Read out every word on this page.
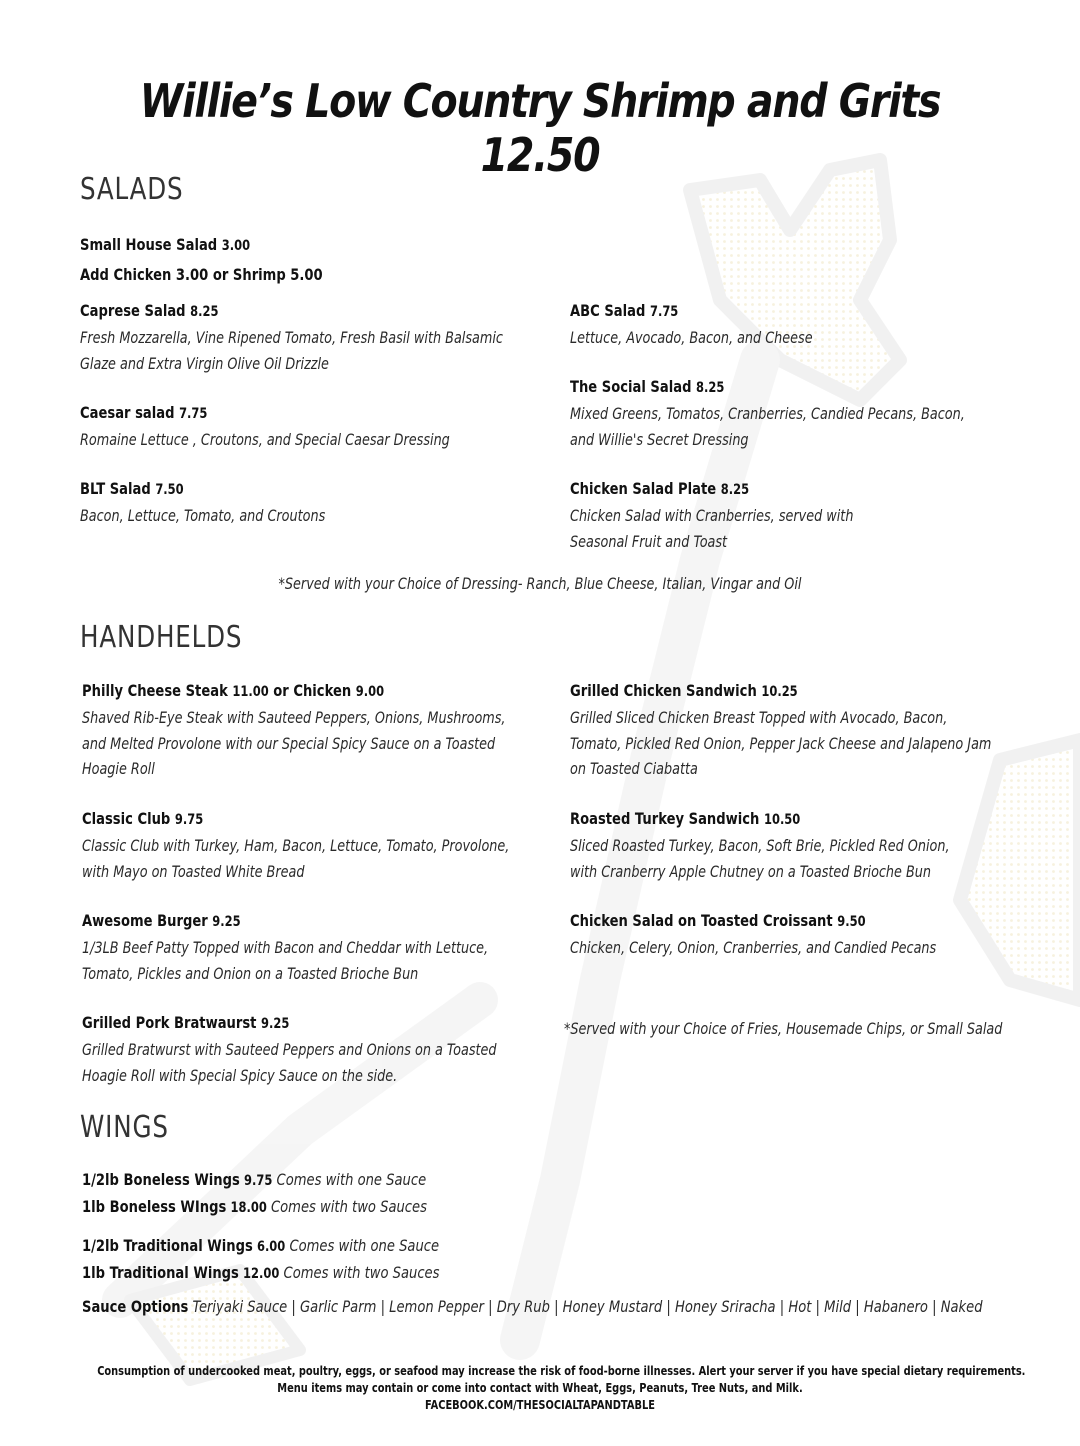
Willie’s Low Country Shrimp and Grits 12.50
SALADS
Small House Salad 3.00
Add Chicken 3.00 or Shrimp 5.00
Caprese Salad 8.25
Fresh Mozzarella, Vine Ripened Tomato, Fresh Basil with Balsamic
Glaze and Extra Virgin Olive Oil Drizzle
Caesar salad 7.75
Romaine Lettuce , Croutons, and Special Caesar Dressing
BLT Salad 7.50
Bacon, Lettuce, Tomato, and Croutons
ABC Salad 7.75
Lettuce, Avocado, Bacon, and Cheese
The Social Salad 8.25
Mixed Greens, Tomatos, Cranberries, Candied Pecans, Bacon,
and Willie's Secret Dressing
Chicken Salad Plate 8.25
Chicken Salad with Cranberries, served with
Seasonal Fruit and Toast
*Served with your Choice of Dressing- Ranch, Blue Cheese, Italian, Vingar and Oil
HANDHELDS
Philly Cheese Steak 11.00 or Chicken 9.00
Shaved Rib-Eye Steak with Sauteed Peppers, Onions, Mushrooms,
and Melted Provolone with our Special Spicy Sauce on a Toasted
Hoagie Roll
Classic Club 9.75
Classic Club with Turkey, Ham, Bacon, Lettuce, Tomato, Provolone,
with Mayo on Toasted White Bread
Awesome Burger 9.25
1/3LB Beef Patty Topped with Bacon and Cheddar with Lettuce,
Tomato, Pickles and Onion on a Toasted Brioche Bun
Grilled Pork Bratwaurst 9.25
Grilled Bratwurst with Sauteed Peppers and Onions on a Toasted
Hoagie Roll with Special Spicy Sauce on the side.
Grilled Chicken Sandwich 10.25
Grilled Sliced Chicken Breast Topped with Avocado, Bacon,
Tomato, Pickled Red Onion, Pepper Jack Cheese and Jalapeno Jam
on Toasted Ciabatta
Roasted Turkey Sandwich 10.50
Sliced Roasted Turkey, Bacon, Soft Brie, Pickled Red Onion,
with Cranberry Apple Chutney on a Toasted Brioche Bun
Chicken Salad on Toasted Croissant 9.50
Chicken, Celery, Onion, Cranberries, and Candied Pecans
*Served with your Choice of Fries, Housemade Chips, or Small Salad
WINGS
1/2lb Boneless Wings 9.75 Comes with one Sauce
1lb Boneless WIngs 18.00 Comes with two Sauces
1/2lb Traditional Wings 6.00 Comes with one Sauce
1lb Traditional Wings 12.00 Comes with two Sauces
Sauce Options Teriyaki Sauce | Garlic Parm | Lemon Pepper | Dry Rub | Honey Mustard | Honey Sriracha | Hot | Mild | Habanero | Naked
Consumption of undercooked meat, poultry, eggs, or seafood may increase the risk of food-borne illnesses. Alert your server if you have special dietary requirements.
Menu items may contain or come into contact with Wheat, Eggs, Peanuts, Tree Nuts, and Milk.
FACEBOOK.COM/THESOCIALTAPANDTABLE
